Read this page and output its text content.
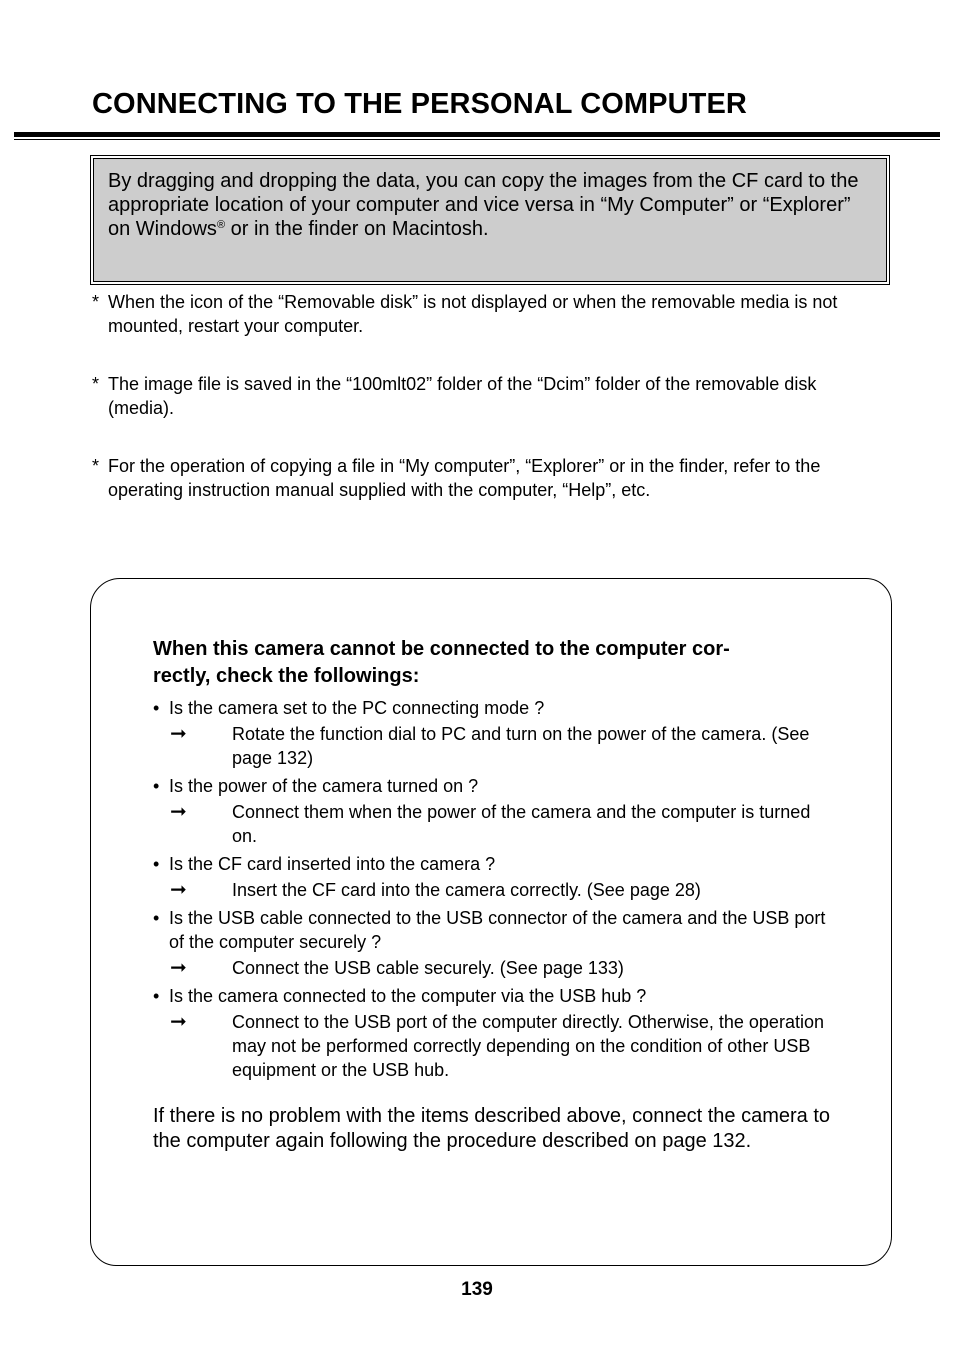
CONNECTING TO THE PERSONAL COMPUTER
By dragging and dropping the data, you can copy the images from the CF card to the appropriate location of your computer and vice versa in “My Computer” or “Explorer” on Windows® or in the finder on Macintosh.

* When the icon of the “Removable disk” is not displayed or when the removable media is not mounted, restart your computer.

* The image file is saved in the “100mlt02” folder of the “Dcim” folder of the removable disk (media).

* For the operation of copying a file in “My computer”, “Explorer” or in the finder, refer to the operating instruction manual supplied with the computer, “Help”, etc.

When this camera cannot be connected to the computer cor-
rectly, check the followings:

• Is the camera set to the PC connecting mode ?
➞	Rotate the function dial to PC and turn on the power of the camera. (See page 132)
• Is the power of the camera turned on ?
➞	Connect them when the power of the camera and the computer is turned on.
• Is the CF card inserted into the camera ?
➞	Insert the CF card into the camera correctly. (See page 28)
• Is the USB cable connected to the USB connector of the camera and the USB port of the computer securely ?
➞	Connect the USB cable securely. (See page 133)
• Is the camera connected to the computer via the USB hub ?
➞	Connect to the USB port of the computer directly. Otherwise, the operation may not be performed correctly depending on the condition of other USB equipment or the USB hub.

If there is no problem with the items described above, connect the camera to the computer again following the procedure described on page 132.

139
